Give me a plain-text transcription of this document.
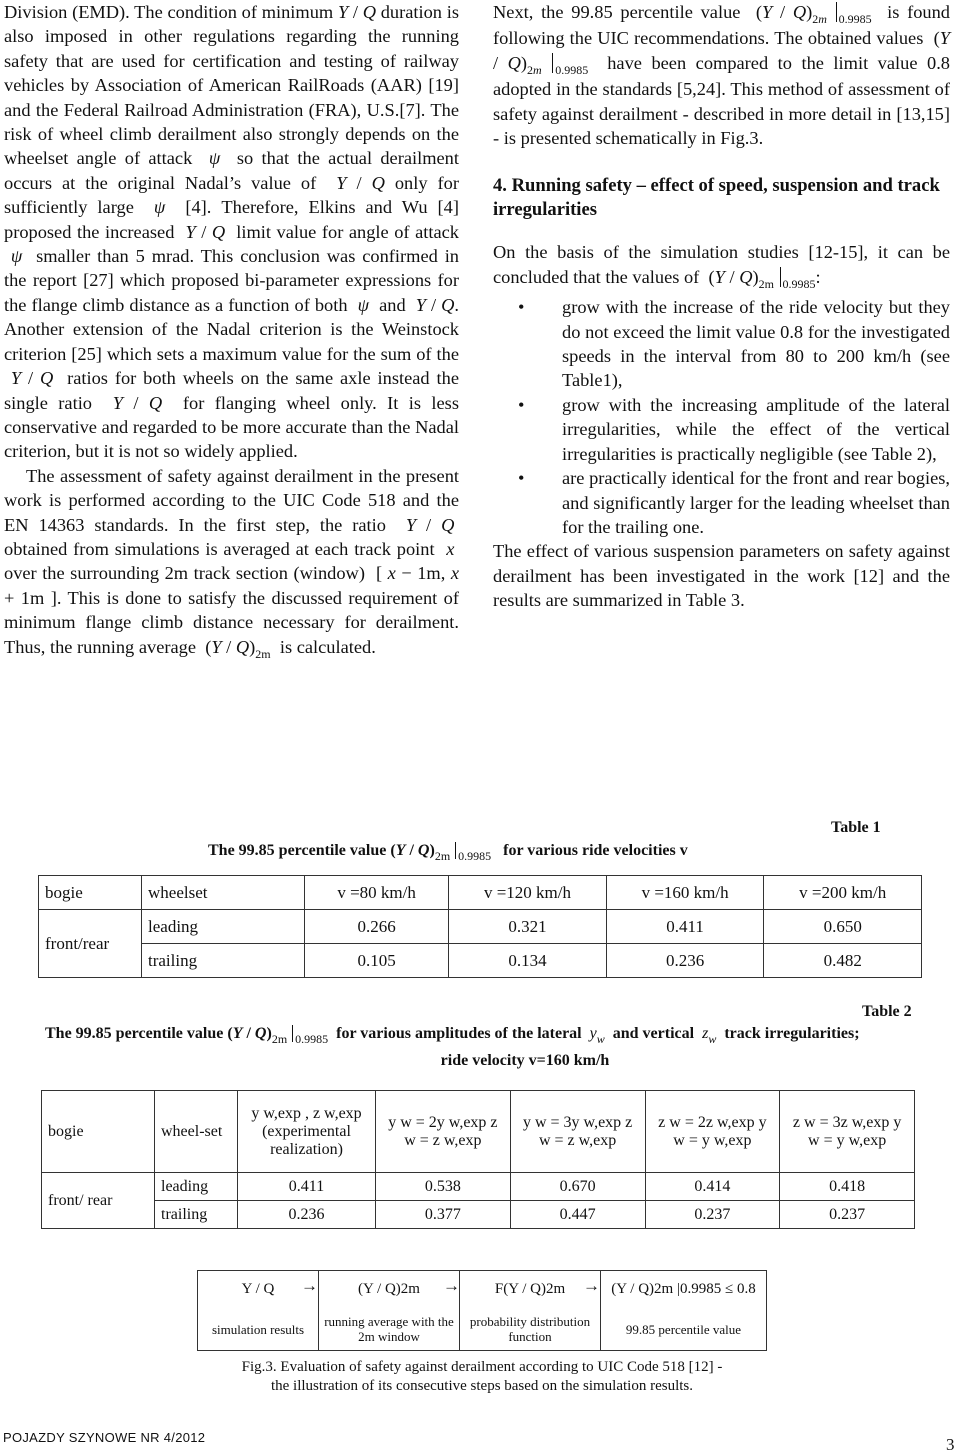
Division (EMD). The condition of minimum Y / Q duration is also imposed in other regulations regarding the running safety that are used for certification and testing of railway vehicles by Association of American RailRoads (AAR) [19] and the Federal Railroad Administration (FRA), U.S.[7]. The risk of wheel climb derailment also strongly depends on the wheelset angle of attack  ψ  so that the actual derailment occurs at the original Nadal’s value of  Y / Q only for sufficiently large  ψ  [4]. Therefore, Elkins and Wu [4] proposed the increased  Y / Q  limit value for angle of attack  ψ  smaller than 5 mrad. This conclusion was confirmed in the report [27] which proposed bi-parameter expressions for the flange climb distance as a function of both  ψ  and  Y / Q. Another extension of the Nadal criterion is the Weinstock criterion [25] which sets a maximum value for the sum of the  Y / Q  ratios for both wheels on the same axle instead the single ratio  Y / Q  for flanging wheel only. It is less conservative and regarded to be more accurate than the Nadal criterion, but it is not so widely applied.

The assessment of safety against derailment in the present work is performed according to the UIC Code 518 and the EN 14363 standards. In the first step, the ratio  Y / Q  obtained from simulations is averaged at each track point  x  over the surrounding 2m track section (window)  [ x − 1m, x + 1m ]. This is done to satisfy the discussed requirement of minimum flange climb distance necessary for derailment. Thus, the running average  $(Y / Q)_{2m}$  is calculated.

Next, the 99.85 percentile value  $(Y / Q)_{2m}$ $_{0.9985}$  is found following the UIC recommendations. The obtained values  $(Y / Q)_{2m}$ $_{0.9985}$  have been compared to the limit value 0.8 adopted in the standards [5,24]. This method of assessment of safety against derailment - described in more detail in [13,15] - is presented schematically in Fig.3.

4. Running safety – effect of speed, suspension and track irregularities

On the basis of the simulation studies [12-15], it can be concluded that the values of  $(Y / Q)_{2m}$ $_{0.9985}$:

• grow with the increase of the ride velocity but they do not exceed the limit value 0.8 for the investigated speeds in the interval from 80 to 200 km/h (see Table1),
• grow with the increasing amplitude of the lateral irregularities, while the effect of the vertical irregularities is practically negligible (see Table 2),
• are practically identical for the front and rear bogies, and significantly larger for the leading wheelset than for the trailing one.

The effect of various suspension parameters on safety against derailment has been investigated in the work [12] and the results are summarized in Table 3.

Table 1
The 99.85 percentile value $(Y / Q)_{2m}$ $_{0.9985}$ for various ride velocities v
bogie	wheelset	v =80 km/h	v =120 km/h	v =160 km/h	v =200 km/h
front/rear	leading	0.266	0.321	0.411	0.650
	trailing	0.105	0.134	0.236	0.482
Table 2
The 99.85 percentile value $(Y / Q)_{2m}$ $_{0.9985}$ for various amplitudes of the lateral $y_w$ and vertical $z_w$ track irregularities;
ride velocity v=160 km/h
bogie	wheel-set	y w,exp , z w,exp (experimental realization)	y w = 2y w,exp z w = z w,exp	y w = 3y w,exp z w = z w,exp	z w = 2z w,exp y w = y w,exp	z w = 3z w,exp y w = y w,exp
front/ rear	leading	0.411	0.538	0.670	0.414	0.418
	trailing	0.236	0.377	0.447	0.237	0.237
Y / Q	(Y / Q)2m	F(Y / Q)2m	(Y / Q)2m |0.9985 ≤ 0.8
simulation results	running average with the 2m window	probability distribution function	99.85 percentile value
→	→	→
Fig.3. Evaluation of safety against derailment according to UIC Code 518 [12] -
the illustration of its consecutive steps based on the simulation results.
POJAZDY SZYNOWE NR 4/2012	3
